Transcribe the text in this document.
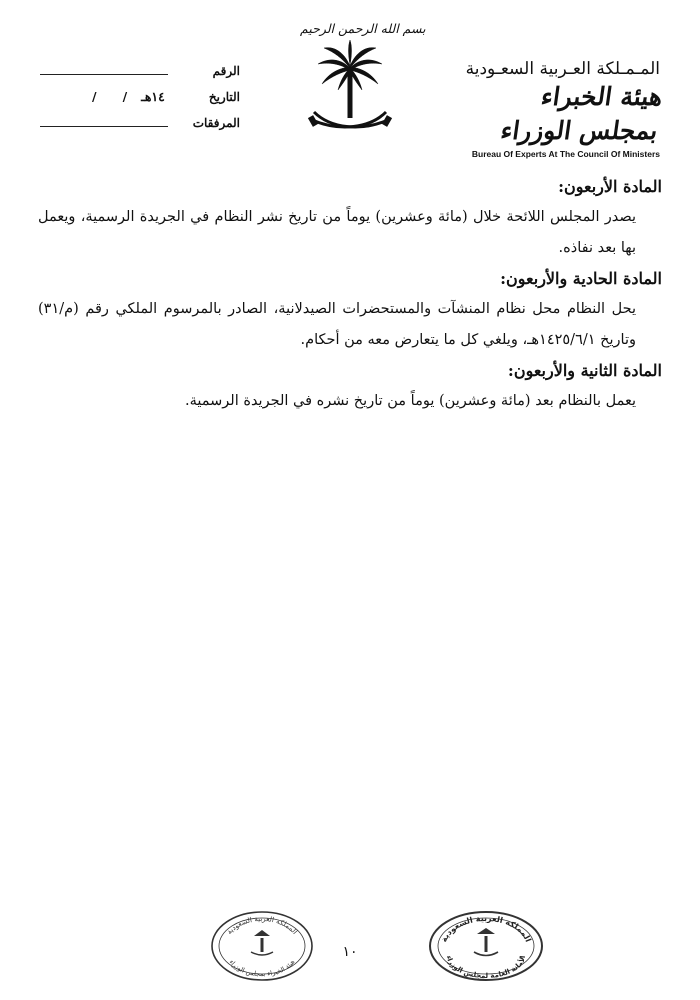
المـمـلكة العـربية السعـودية
هيئة الخبراء بمجلس الوزراء
Bureau Of Experts At The Council Of Ministers
بسم الله الرحمن الرحيم
الرقم
التاريخ
/ / ١٤هـ
المرفقات
المادة الأربعون:

يصدر المجلس اللائحة خلال (مائة وعشرين) يوماً من تاريخ نشر النظام في الجريدة الرسمية، ويعمل بها بعد نفاذه.

المادة الحادية والأربعون:

يحل النظام محل نظام المنشآت والمستحضرات الصيدلانية، الصادر بالمرسوم الملكي رقم (م/٣١) وتاريخ ١٤٢٥/٦/١هـ، ويلغي كل ما يتعارض معه من أحكام.

المادة الثانية والأربعون:

يعمل بالنظام بعد (مائة وعشرين) يوماً من تاريخ نشره في الجريدة الرسمية.

١٠
المملكة العربية السعودية
هيئة الخبراء بمجلس الوزراء
المملكة العربية السعودية
الأمانة العامة لمجلس الوزراء
